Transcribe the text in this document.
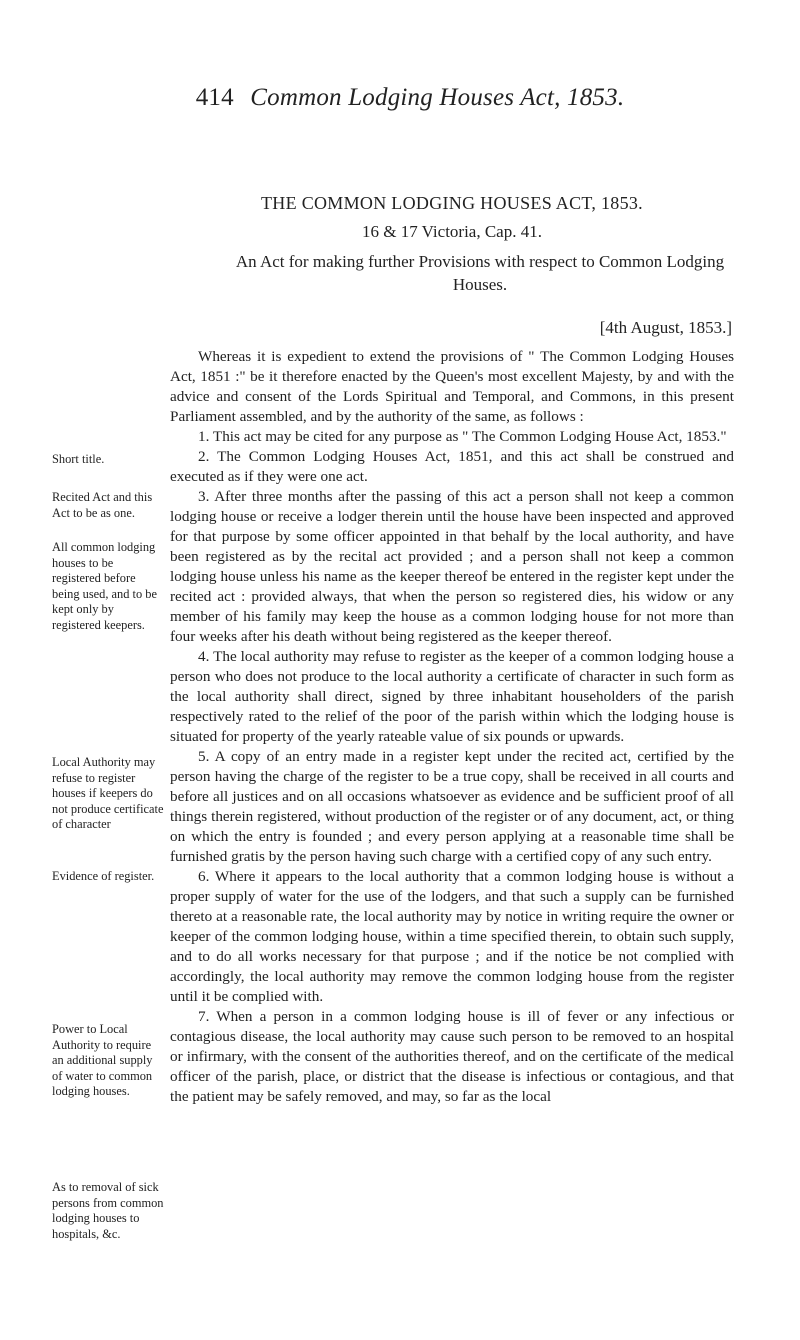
414 Common Lodging Houses Act, 1853.
THE COMMON LODGING HOUSES ACT, 1853.
16 & 17 Victoria, Cap. 41.
An Act for making further Provisions with respect to Common Lodging Houses.
[4th August, 1853.]

Whereas it is expedient to extend the provisions of " The Common Lodging Houses Act, 1851 :" be it therefore enacted by the Queen's most excellent Majesty, by and with the advice and consent of the Lords Spiritual and Temporal, and Commons, in this present Parliament assembled, and by the authority of the same, as follows :

1. This act may be cited for any purpose as " The Common Lodging House Act, 1853."

2. The Common Lodging Houses Act, 1851, and this act shall be construed and executed as if they were one act.

3. After three months after the passing of this act a person shall not keep a common lodging house or receive a lodger therein until the house have been inspected and approved for that purpose by some officer appointed in that behalf by the local authority, and have been registered as by the recital act provided ; and a person shall not keep a common lodging house unless his name as the keeper thereof be entered in the register kept under the recited act : provided always, that when the person so registered dies, his widow or any member of his family may keep the house as a common lodging house for not more than four weeks after his death without being registered as the keeper thereof.

4. The local authority may refuse to register as the keeper of a common lodging house a person who does not produce to the local authority a certificate of character in such form as the local authority shall direct, signed by three inhabitant householders of the parish respectively rated to the relief of the poor of the parish within which the lodging house is situated for property of the yearly rateable value of six pounds or upwards.

5. A copy of an entry made in a register kept under the recited act, certified by the person having the charge of the register to be a true copy, shall be received in all courts and before all justices and on all occasions whatsoever as evidence and be sufficient proof of all things therein registered, without production of the register or of any document, act, or thing on which the entry is founded ; and every person applying at a reasonable time shall be furnished gratis by the person having such charge with a certified copy of any such entry.

6. Where it appears to the local authority that a common lodging house is without a proper supply of water for the use of the lodgers, and that such a supply can be furnished thereto at a reasonable rate, the local authority may by notice in writing require the owner or keeper of the common lodging house, within a time specified therein, to obtain such supply, and to do all works necessary for that purpose ; and if the notice be not complied with accordingly, the local authority may remove the common lodging house from the register until it be complied with.

7. When a person in a common lodging house is ill of fever or any infectious or contagious disease, the local authority may cause such person to be removed to an hospital or infirmary, with the consent of the authorities thereof, and on the certificate of the medical officer of the parish, place, or district that the disease is infectious or contagious, and that the patient may be safely removed, and may, so far as the local

Short title.
Recited Act and this Act to be as one.
All common lodging houses to be registered before being used, and to be kept only by registered keepers.
Local Authority may refuse to register houses if keepers do not produce certificate of character
Evidence of register.
Power to Local Authority to require an additional supply of water to common lodging houses.
As to removal of sick persons from common lodging houses to hospitals, &c.
